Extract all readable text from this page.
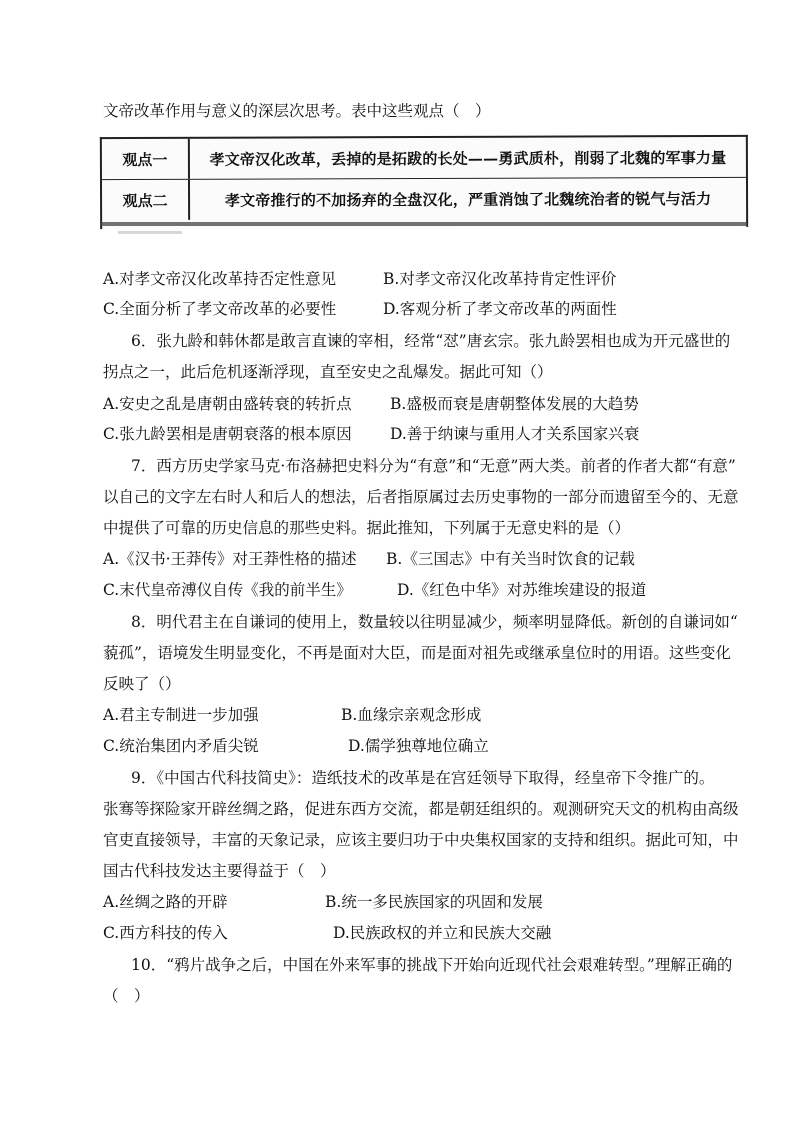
文帝改革作用与意义的深层次思考。表中这些观点（　）
观点一	孝文帝汉化改革，丢掉的是拓跋的长处——勇武质朴，削弱了北魏的军事力量
观点二	孝文帝推行的不加扬弃的全盘汉化，严重消蚀了北魏统治者的锐气与活力
A.对孝文帝汉化改革持否定性意见	B.对孝文帝汉化改革持肯定性评价
C.全面分析了孝文帝改革的必要性	D.客观分析了孝文帝改革的两面性
6．张九龄和韩休都是敢言直谏的宰相，经常“怼”唐玄宗。张九龄罢相也成为开元盛世的
拐点之一，此后危机逐渐浮现，直至安史之乱爆发。据此可知（）
A.安史之乱是唐朝由盛转衰的转折点 B.盛极而衰是唐朝整体发展的大趋势
C.张九龄罢相是唐朝衰落的根本原因 D.善于纳谏与重用人才关系国家兴衰
7．西方历史学家马克·布洛赫把史料分为“有意”和“无意”两大类。前者的作者大都“有意”
以自己的文字左右时人和后人的想法，后者指原属过去历史事物的一部分而遗留至今的、无意
中提供了可靠的历史信息的那些史料。据此推知，下列属于无意史料的是（）
A.《汉书·王莽传》对王莽性格的描述 B.《三国志》中有关当时饮食的记载
C.末代皇帝溥仪自传《我的前半生》	D.《红色中华》对苏维埃建设的报道
8．明代君主在自谦词的使用上，数量较以往明显减少，频率明显降低。新创的自谦词如“
藐孤”，语境发生明显变化，不再是面对大臣，而是面对祖先或继承皇位时的用语。这些变化
反映了（）
A.君主专制进一步加强	B.血缘宗亲观念形成
C.统治集团内矛盾尖锐	D.儒学独尊地位确立
9．《中国古代科技简史》：造纸技术的改革是在宫廷领导下取得，经皇帝下令推广的。
张骞等探险家开辟丝绸之路，促进东西方交流，都是朝廷组织的。观测研究天文的机构由高级
官吏直接领导，丰富的天象记录，应该主要归功于中央集权国家的支持和组织。据此可知，中
国古代科技发达主要得益于（　）
A.丝绸之路的开辟	B.统一多民族国家的巩固和发展
C.西方科技的传入	D.民族政权的并立和民族大交融
10．“鸦片战争之后，中国在外来军事的挑战下开始向近现代社会艰难转型。”理解正确的
（　）
